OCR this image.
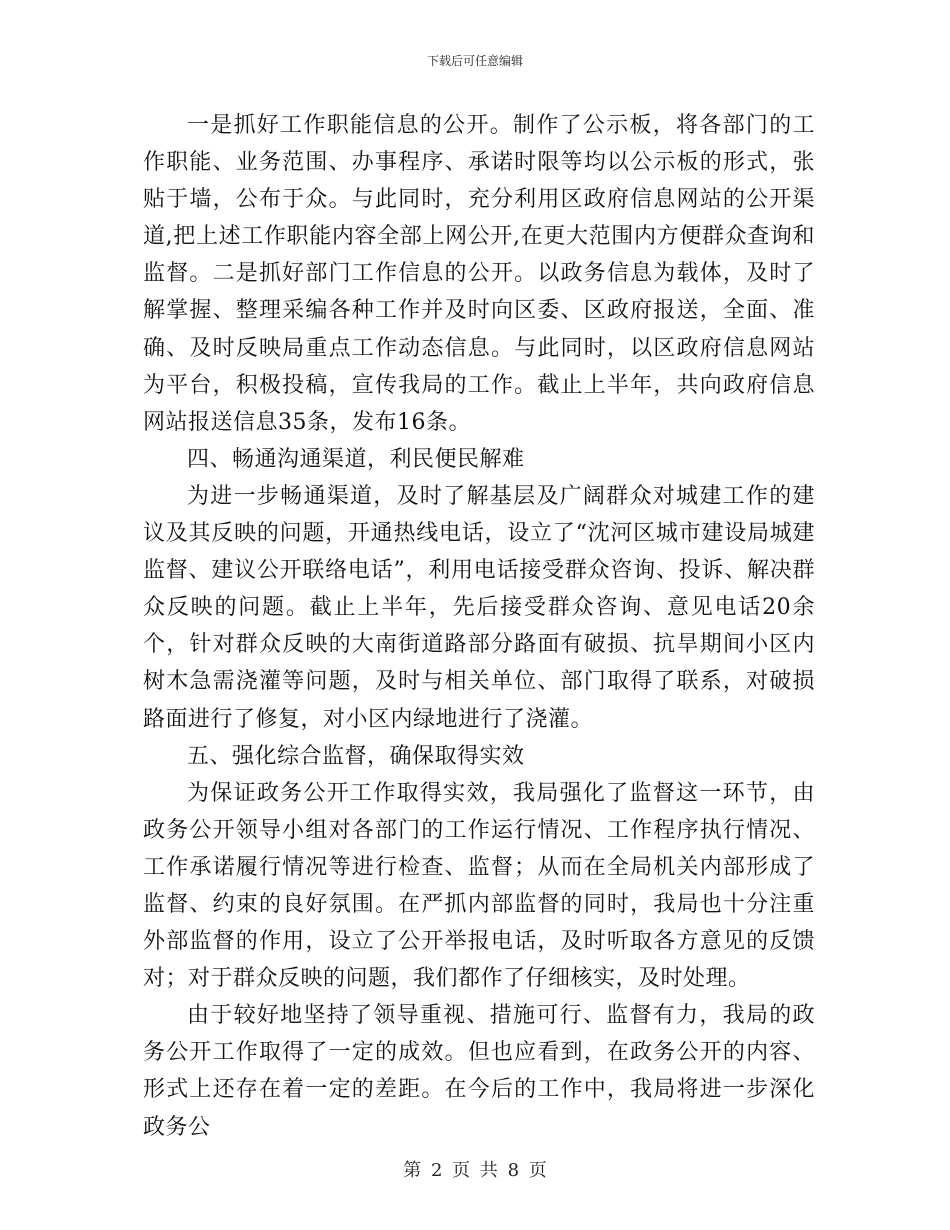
下载后可任意编辑

一是抓好工作职能信息的公开。制作了公示板，将各部门的工作职能、业务范围、办事程序、承诺时限等均以公示板的形式，张贴于墙，公布于众。与此同时，充分利用区政府信息网站的公开渠道,把上述工作职能内容全部上网公开,在更大范围内方便群众查询和监督。二是抓好部门工作信息的公开。以政务信息为载体，及时了解掌握、整理采编各种工作并及时向区委、区政府报送，全面、准确、及时反映局重点工作动态信息。与此同时，以区政府信息网站为平台，积极投稿，宣传我局的工作。截止上半年，共向政府信息网站报送信息35条，发布16条。

四、畅通沟通渠道，利民便民解难

为进一步畅通渠道，及时了解基层及广阔群众对城建工作的建议及其反映的问题，开通热线电话，设立了“沈河区城市建设局城建监督、建议公开联络电话”，利用电话接受群众咨询、投诉、解决群众反映的问题。截止上半年，先后接受群众咨询、意见电话20余个，针对群众反映的大南街道路部分路面有破损、抗旱期间小区内树木急需浇灌等问题，及时与相关单位、部门取得了联系，对破损路面进行了修复，对小区内绿地进行了浇灌。

五、强化综合监督，确保取得实效

为保证政务公开工作取得实效，我局强化了监督这一环节，由政务公开领导小组对各部门的工作运行情况、工作程序执行情况、工作承诺履行情况等进行检查、监督；从而在全局机关内部形成了监督、约束的良好氛围。在严抓内部监督的同时，我局也十分注重外部监督的作用，设立了公开举报电话，及时听取各方意见的反馈对；对于群众反映的问题，我们都作了仔细核实，及时处理。

由于较好地坚持了领导重视、措施可行、监督有力，我局的政务公开工作取得了一定的成效。但也应看到，在政务公开的内容、形式上还存在着一定的差距。在今后的工作中，我局将进一步深化政务公

第 2 页 共 8 页
